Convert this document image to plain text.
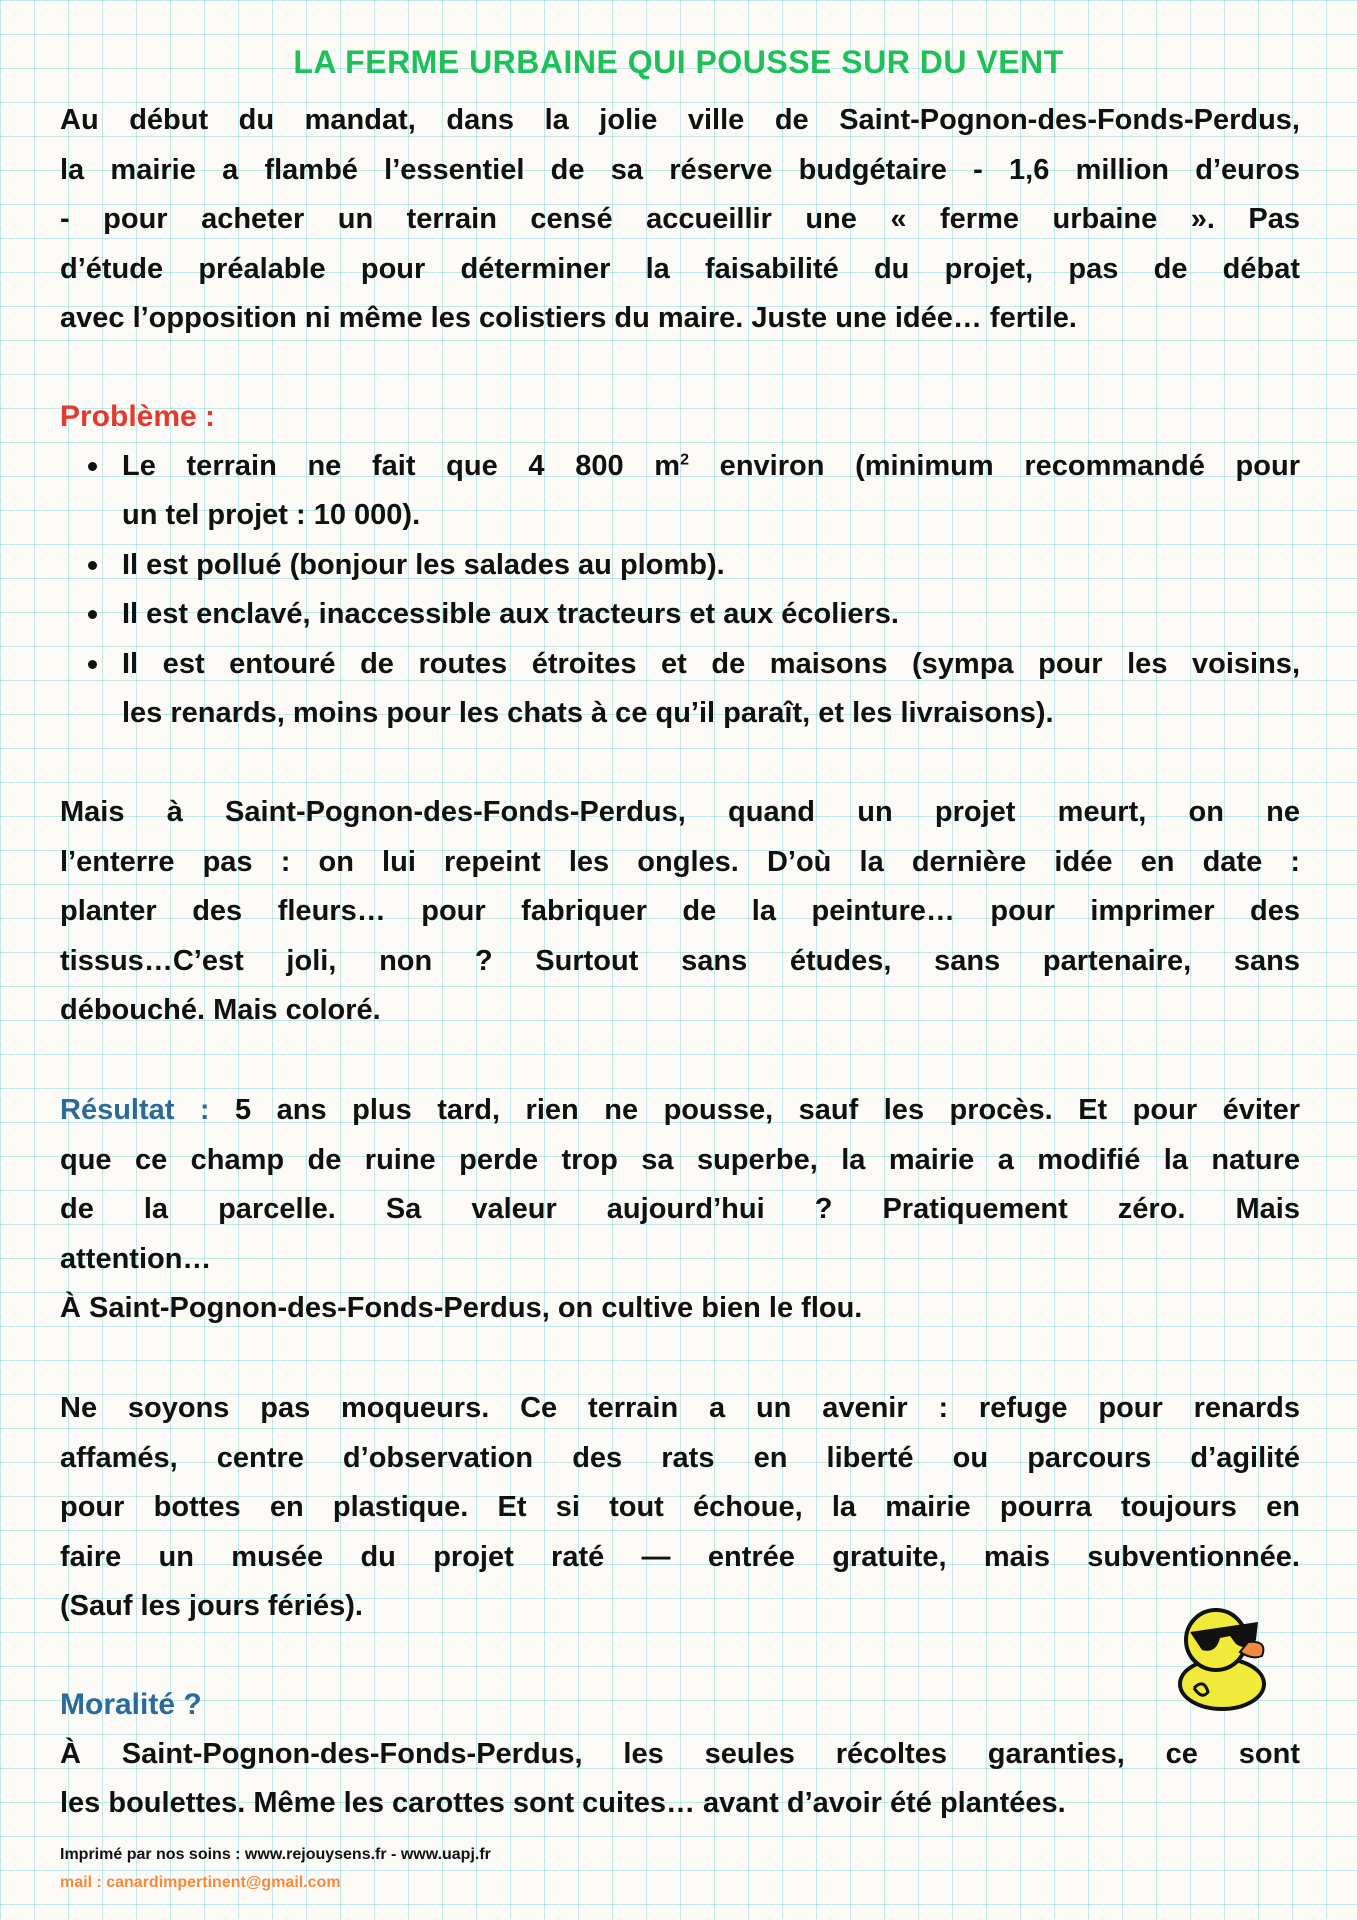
LA FERME URBAINE QUI POUSSE SUR DU VENT
Au début du mandat, dans la jolie ville de Saint-Pognon-des-Fonds-Perdus,
la mairie a flambé l’essentiel de sa réserve budgétaire - 1,6 million d’euros
- pour acheter un terrain censé accueillir une « ferme urbaine ». Pas
d’étude préalable pour déterminer la faisabilité du projet, pas de débat
avec l’opposition ni même les colistiers du maire. Juste une idée… fertile.
Problème :
Le terrain ne fait que 4 800 $m^2$ environ (minimum recommandé pour
un tel projet : 10 000).
Il est pollué (bonjour les salades au plomb).
Il est enclavé, inaccessible aux tracteurs et aux écoliers.
Il est entouré de routes étroites et de maisons (sympa pour les voisins,
les renards, moins pour les chats à ce qu’il paraît, et les livraisons).
Mais à Saint-Pognon-des-Fonds-Perdus, quand un projet meurt, on ne
l’enterre pas : on lui repeint les ongles. D’où la dernière idée en date :
planter des fleurs… pour fabriquer de la peinture… pour imprimer des
tissus…C’est joli, non ? Surtout sans études, sans partenaire, sans
débouché. Mais coloré.
Résultat : 5 ans plus tard, rien ne pousse, sauf les procès. Et pour éviter
que ce champ de ruine perde trop sa superbe, la mairie a modifié la nature
de la parcelle. Sa valeur aujourd’hui ? Pratiquement zéro. Mais
attention…
À Saint-Pognon-des-Fonds-Perdus, on cultive bien le flou.
Ne soyons pas moqueurs. Ce terrain a un avenir : refuge pour renards
affamés, centre d’observation des rats en liberté ou parcours d’agilité
pour bottes en plastique. Et si tout échoue, la mairie pourra toujours en
faire un musée du projet raté — entrée gratuite, mais subventionnée.
(Sauf les jours fériés).
Moralité ?
À Saint-Pognon-des-Fonds-Perdus, les seules récoltes garanties, ce sont
les boulettes. Même les carottes sont cuites… avant d’avoir été plantées.
Imprimé par nos soins : www.rejouysens.fr - www.uapj.fr
mail : canardimpertinent@gmail.com
